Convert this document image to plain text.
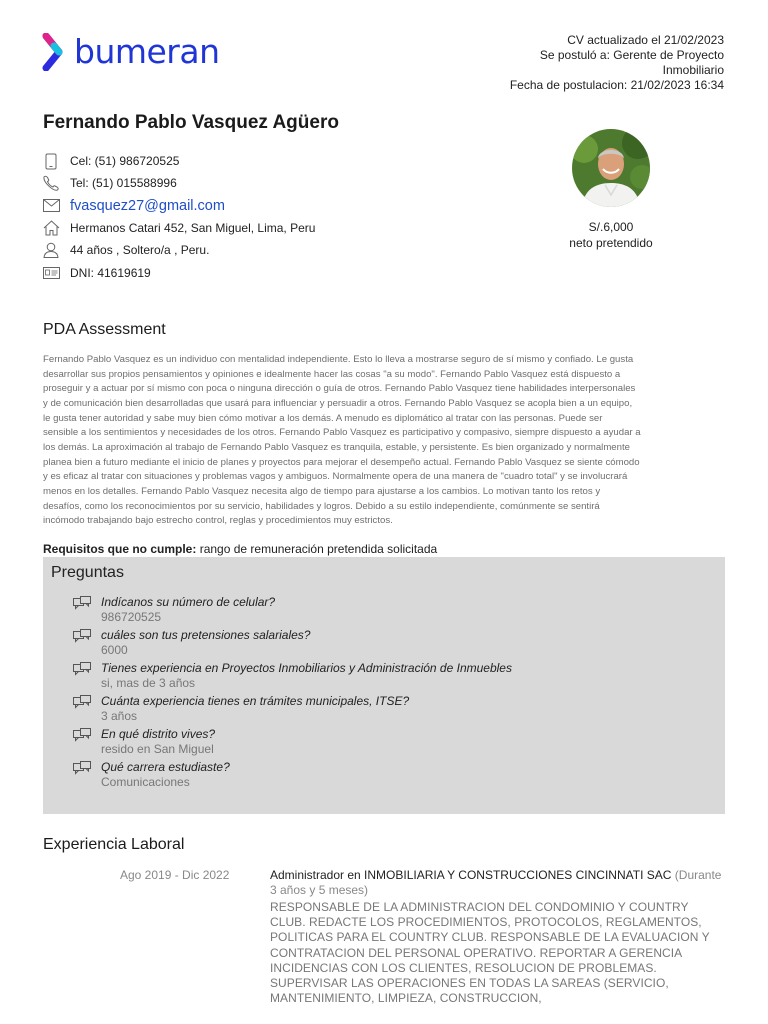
bumeran	CV actualizado el 21/02/2023
Se postuló a: Gerente de Proyecto
Inmobiliario
Fecha de postulacion: 21/02/2023 16:34
Fernando Pablo Vasquez Agüero
Cel: (51) 986720525
Tel: (51) 015588996
fvasquez27@gmail.com
Hermanos Catari 452, San Miguel, Lima, Peru
44 años , Soltero/a , Peru.
DNI: 41619619
S/.6,000
neto pretendido
PDA Assessment
Fernando Pablo Vasquez es un individuo con mentalidad independiente. Esto lo lleva a mostrarse seguro de sí mismo y confiado. Le gusta
desarrollar sus propios pensamientos y opiniones e idealmente hacer las cosas "a su modo". Fernando Pablo Vasquez está dispuesto a
proseguir y a actuar por sí mismo con poca o ninguna dirección o guía de otros. Fernando Pablo Vasquez tiene habilidades interpersonales
y de comunicación bien desarrolladas que usará para influenciar y persuadir a otros. Fernando Pablo Vasquez se acopla bien a un equipo,
le gusta tener autoridad y sabe muy bien cómo motivar a los demás. A menudo es diplomático al tratar con las personas. Puede ser
sensible a los sentimientos y necesidades de los otros. Fernando Pablo Vasquez es participativo y compasivo, siempre dispuesto a ayudar a
los demás. La aproximación al trabajo de Fernando Pablo Vasquez es tranquila, estable, y persistente. Es bien organizado y normalmente
planea bien a futuro mediante el inicio de planes y proyectos para mejorar el desempeño actual. Fernando Pablo Vasquez se siente cómodo
y es eficaz al tratar con situaciones y problemas vagos y ambiguos. Normalmente opera de una manera de "cuadro total" y se involucrará
menos en los detalles. Fernando Pablo Vasquez necesita algo de tiempo para ajustarse a los cambios. Lo motivan tanto los retos y
desafíos, como los reconocimientos por su servicio, habilidades y logros. Debido a su estilo independiente, comúnmente se sentirá
incómodo trabajando bajo estrecho control, reglas y procedimientos muy estrictos.
Requisitos que no cumple: rango de remuneración pretendida solicitada
Preguntas
Indícanos su número de celular?
986720525
cuáles son tus pretensiones salariales?
6000
Tienes experiencia en Proyectos Inmobiliarios y Administración de Inmuebles
si, mas de 3 años
Cuánta experiencia tienes en trámites municipales, ITSE?
3 años
En qué distrito vives?
resido en San Miguel
Qué carrera estudiaste?
Comunicaciones
Experiencia Laboral
Ago 2019 - Dic 2022	Administrador en INMOBILIARIA Y CONSTRUCCIONES CINCINNATI SAC (Durante 3 años y 5 meses)
RESPONSABLE DE LA ADMINISTRACION DEL CONDOMINIO Y COUNTRY CLUB. REDACTE LOS PROCEDIMIENTOS, PROTOCOLOS, REGLAMENTOS, POLITICAS PARA EL COUNTRY CLUB. RESPONSABLE DE LA EVALUACION Y CONTRATACION DEL PERSONAL OPERATIVO. REPORTAR A GERENCIA INCIDENCIAS CON LOS CLIENTES, RESOLUCION DE PROBLEMAS. SUPERVISAR LAS OPERACIONES EN TODAS LA SAREAS (SERVICIO, MANTENIMIENTO, LIMPIEZA, CONSTRUCCION,
